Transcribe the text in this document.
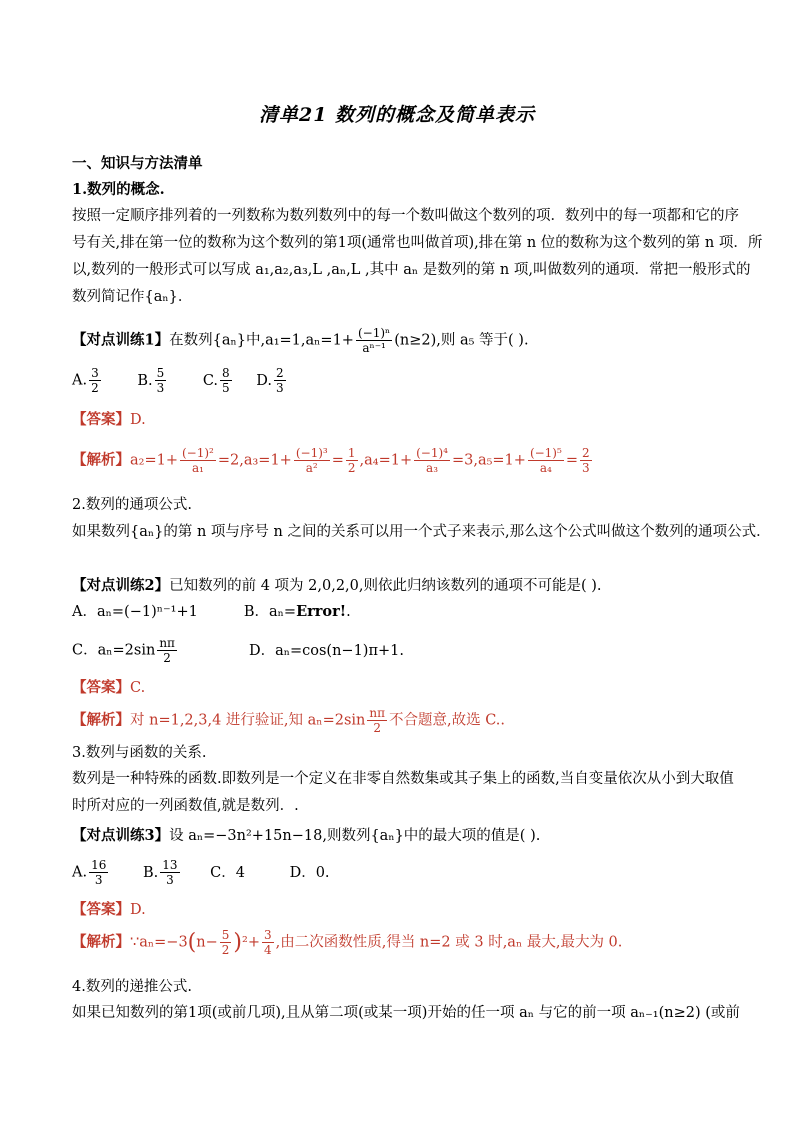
清单21 数列的概念及简单表示
一、知识与方法清单
1.数列的概念.
按照一定顺序排列着的一列数称为数列数列中的每一个数叫做这个数列的项．数列中的每一项都和它的序
号有关,排在第一位的数称为这个数列的第1项(通常也叫做首项),排在第 n 位的数称为这个数列的第 n 项．所
以,数列的一般形式可以写成 a₁,a₂,a₃,L ,aₙ,L ,其中 aₙ 是数列的第 n 项,叫做数列的通项．常把一般形式的
数列简记作{aₙ}．
【对点训练1】在数列{aₙ}中$,a_1=1,a_n=1+ \frac{\text{(−1)ⁿ}}{\text{aⁿ⁻¹}} (n\ge 2)$,则 a₅ 等于( ).
A. $\frac{3}{2}$	B. $\frac{5}{3}$	C. $\frac{8}{5} D$. $\frac{2}{3}$
【答案】D.
【解析】$a_2=1+ \frac{\text{(−1)²}}{\text{a₁}} =2,a_3=1+ \frac{\text{(−1)³}}{\text{a²}} = \frac{1}{2} ,a_4=1+ \frac{\text{(−1)⁴}}{\text{a₃}} =3,a_5=1+ \frac{\text{(−1)⁵}}{\text{a₄}} = \frac{2}{3}$
2.数列的通项公式.
如果数列{aₙ}的第 n 项与序号 n 之间的关系可以用一个式子来表示,那么这个公式叫做这个数列的通项公式．
【对点训练2】已知数列的前 4 项为 2,0,2,0,则依此归纳该数列的通项不可能是( ).
A．aₙ=(−1)ⁿ⁻¹+1	B．aₙ=Error!.
C．$a_n=2\sin \frac{n\pi}{2}$	D．aₙ=cos(n−1)π+1.
【答案】C.
【解析】对 n=1,2,3,4 进行验证,知 $a_n=2\sin \frac{n\pi}{2}$ 不合题意,故选 C..
3.数列与函数的关系.
数列是一种特殊的函数.即数列是一个定义在非零自然数集或其子集上的函数,当自变量依次从小到大取值
时所对应的一列函数值,就是数列．.
【对点训练3】设 aₙ=−3n²+15n−18,则数列{aₙ}中的最大项的值是( ).
A. $\frac{16}{3} B$. $\frac{13}{3}$ C．4	D．0.
【答案】D.
【解析】∵aₙ=−3(n− $\frac{5}{2} )^2+ \frac{3}{4}$ ,由二次函数性质,得当 n=2 或 3 时,aₙ 最大,最大为 0.
4.数列的递推公式.
如果已知数列的第1项(或前几项),且从第二项(或某一项)开始的任一项 aₙ 与它的前一项 aₙ₋₁(n≥2) (或前
